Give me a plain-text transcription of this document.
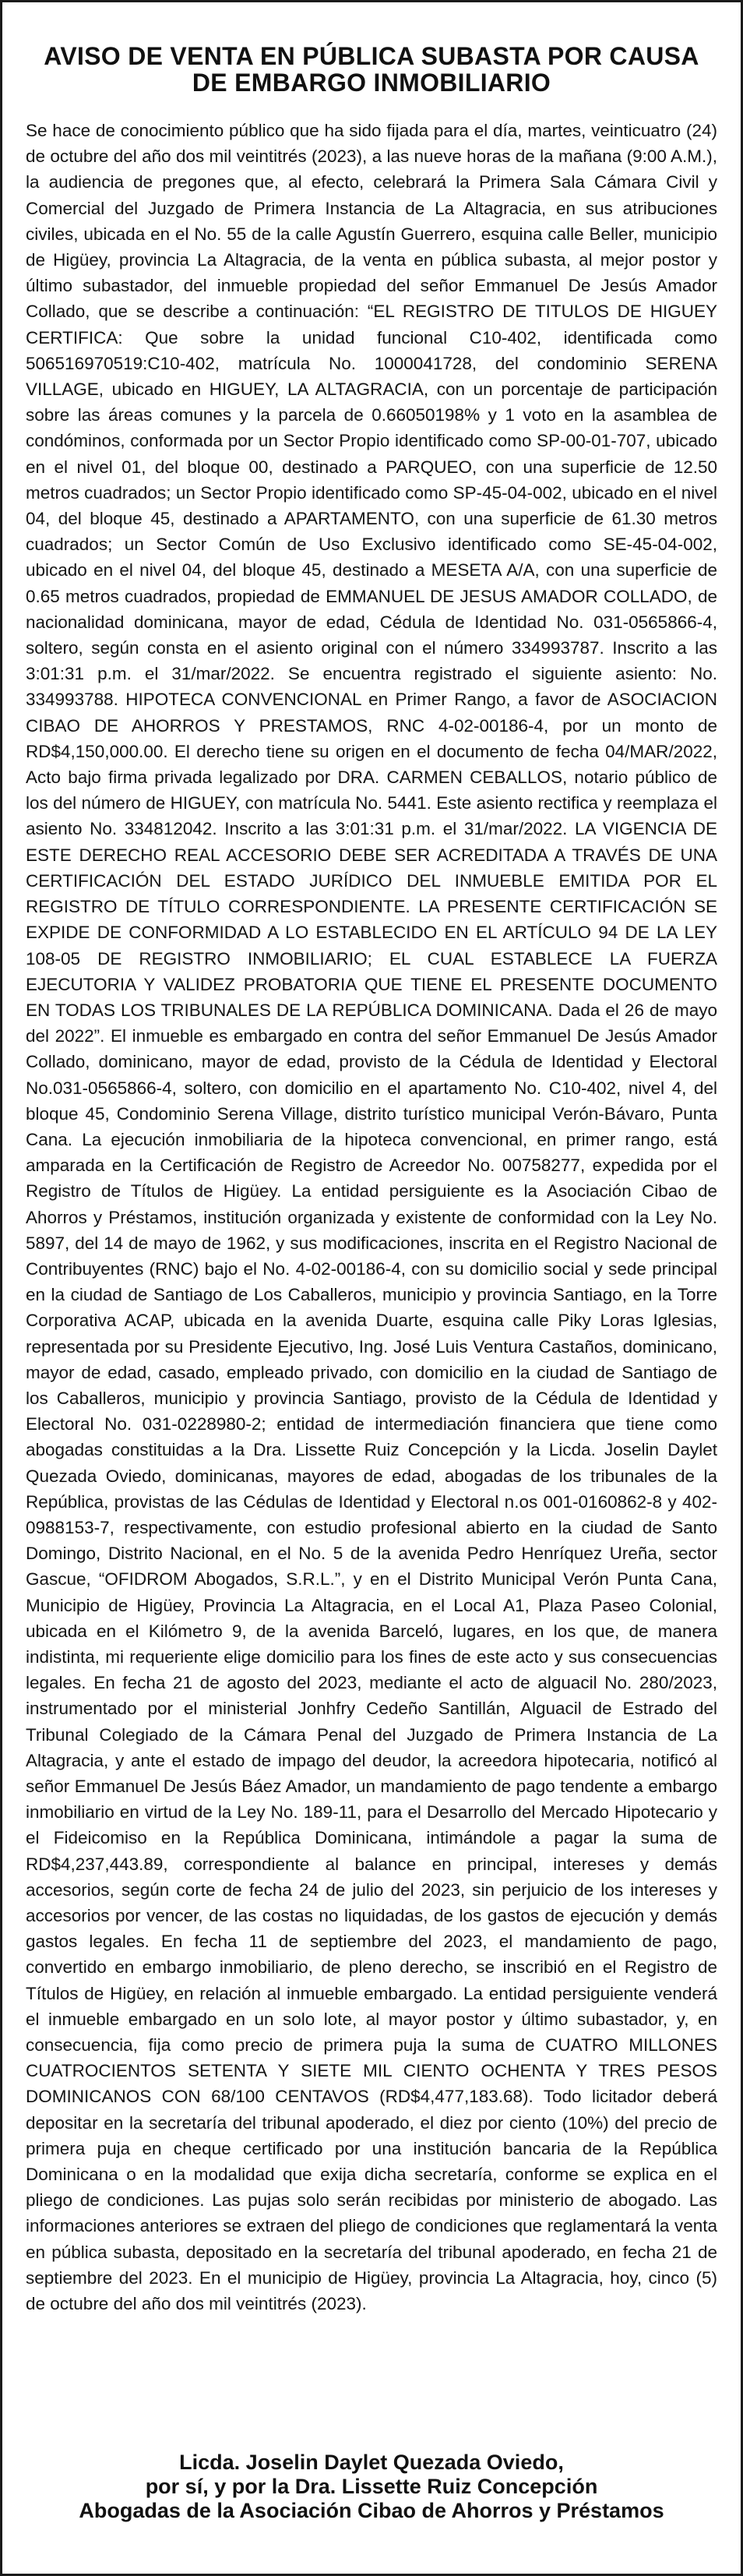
AVISO DE VENTA EN PÚBLICA SUBASTA POR CAUSA
DE EMBARGO INMOBILIARIO
Se hace de conocimiento público que ha sido fijada para el día, martes, veinticuatro (24) de octubre del año dos mil veintitrés (2023), a las nueve horas de la mañana (9:00 A.M.), la audiencia de pregones que, al efecto, celebrará la Primera Sala Cámara Civil y Comercial del Juzgado de Primera Instancia de La Altagracia, en sus atribuciones civiles, ubicada en el No. 55 de la calle Agustín Guerrero, esquina calle Beller, municipio de Higüey, provincia La Altagracia, de la venta en pública subasta, al mejor postor y último subastador, del inmueble propiedad del señor Emmanuel De Jesús Amador Collado, que se describe a continuación: “EL REGISTRO DE TITULOS DE HIGUEY CERTIFICA: Que sobre la unidad funcional C10-402, identificada como 506516970519:C10-402, matrícula No. 1000041728, del condominio SERENA VILLAGE, ubicado en HIGUEY, LA ALTAGRACIA, con un porcentaje de participación sobre las áreas comunes y la parcela de 0.66050198% y 1 voto en la asamblea de condóminos, conformada por un Sector Propio identificado como SP-00-01-707, ubicado en el nivel 01, del bloque 00, destinado a PARQUEO, con una superficie de 12.50 metros cuadrados; un Sector Propio identificado como SP-45-04-002, ubicado en el nivel 04, del bloque 45, destinado a APARTAMENTO, con una superficie de 61.30 metros cuadrados; un Sector Común de Uso Exclusivo identificado como SE-45-04-002, ubicado en el nivel 04, del bloque 45, destinado a MESETA A/A, con una superficie de 0.65 metros cuadrados, propiedad de EMMANUEL DE JESUS AMADOR COLLADO, de nacionalidad dominicana, mayor de edad, Cédula de Identidad No. 031-0565866-4, soltero, según consta en el asiento original con el número 334993787. Inscrito a las 3:01:31 p.m. el 31/mar/2022. Se encuentra registrado el siguiente asiento: No. 334993788. HIPOTECA CONVENCIONAL en Primer Rango, a favor de ASOCIACION CIBAO DE AHORROS Y PRESTAMOS, RNC 4-02-00186-4, por un monto de RD$4,150,000.00. El derecho tiene su origen en el documento de fecha 04/MAR/2022, Acto bajo firma privada legalizado por DRA. CARMEN CEBALLOS, notario público de los del número de HIGUEY, con matrícula No. 5441. Este asiento rectifica y reemplaza el asiento No. 334812042. Inscrito a las 3:01:31 p.m. el 31/mar/2022. LA VIGENCIA DE ESTE DERECHO REAL ACCESORIO DEBE SER ACREDITADA A TRAVÉS DE UNA CERTIFICACIÓN DEL ESTADO JURÍDICO DEL INMUEBLE EMITIDA POR EL REGISTRO DE TÍTULO CORRESPONDIENTE. LA PRESENTE CERTIFICACIÓN SE EXPIDE DE CONFORMIDAD A LO ESTABLECIDO EN EL ARTÍCULO 94 DE LA LEY 108-05 DE REGISTRO INMOBILIARIO; EL CUAL ESTABLECE LA FUERZA EJECUTORIA Y VALIDEZ PROBATORIA QUE TIENE EL PRESENTE DOCUMENTO EN TODAS LOS TRIBUNALES DE LA REPÚBLICA DOMINICANA. Dada el 26 de mayo del 2022”. El inmueble es embargado en contra del señor Emmanuel De Jesús Amador Collado, dominicano, mayor de edad, provisto de la Cédula de Identidad y Electoral No.031-0565866-4, soltero, con domicilio en el apartamento No. C10-402, nivel 4, del bloque 45, Condominio Serena Village, distrito turístico municipal Verón-Bávaro, Punta Cana. La ejecución inmobiliaria de la hipoteca convencional, en primer rango, está amparada en la Certificación de Registro de Acreedor No. 00758277, expedida por el Registro de Títulos de Higüey. La entidad persiguiente es la Asociación Cibao de Ahorros y Préstamos, institución organizada y existente de conformidad con la Ley No. 5897, del 14 de mayo de 1962, y sus modificaciones, inscrita en el Registro Nacional de Contribuyentes (RNC) bajo el No. 4-02-00186-4, con su domicilio social y sede principal en la ciudad de Santiago de Los Caballeros, municipio y provincia Santiago, en la Torre Corporativa ACAP, ubicada en la avenida Duarte, esquina calle Piky Loras Iglesias, representada por su Presidente Ejecutivo, Ing. José Luis Ventura Castaños, dominicano, mayor de edad, casado, empleado privado, con domicilio en la ciudad de Santiago de los Caballeros, municipio y provincia Santiago, provisto de la Cédula de Identidad y Electoral No. 031-0228980-2; entidad de intermediación financiera que tiene como abogadas constituidas a la Dra. Lissette Ruiz Concepción y la Licda. Joselin Daylet Quezada Oviedo, dominicanas, mayores de edad, abogadas de los tribunales de la República, provistas de las Cédulas de Identidad y Electoral n.os 001-0160862-8 y 402-0988153-7, respectivamente, con estudio profesional abierto en la ciudad de Santo Domingo, Distrito Nacional, en el No. 5 de la avenida Pedro Henríquez Ureña, sector Gascue, “OFIDROM Abogados, S.R.L.”, y en el Distrito Municipal Verón Punta Cana, Municipio de Higüey, Provincia La Altagracia, en el Local A1, Plaza Paseo Colonial, ubicada en el Kilómetro 9, de la avenida Barceló, lugares, en los que, de manera indistinta, mi requeriente elige domicilio para los fines de este acto y sus consecuencias legales. En fecha 21 de agosto del 2023, mediante el acto de alguacil No. 280/2023, instrumentado por el ministerial Jonhfry Cedeño Santillán, Alguacil de Estrado del Tribunal Colegiado de la Cámara Penal del Juzgado de Primera Instancia de La Altagracia, y ante el estado de impago del deudor, la acreedora hipotecaria, notificó al señor Emmanuel De Jesús Báez Amador, un mandamiento de pago tendente a embargo inmobiliario en virtud de la Ley No. 189-11, para el Desarrollo del Mercado Hipotecario y el Fideicomiso en la República Dominicana, intimándole a pagar la suma de RD$4,237,443.89, correspondiente al balance en principal, intereses y demás accesorios, según corte de fecha 24 de julio del 2023, sin perjuicio de los intereses y accesorios por vencer, de las costas no liquidadas, de los gastos de ejecución y demás gastos legales. En fecha 11 de septiembre del 2023, el mandamiento de pago, convertido en embargo inmobiliario, de pleno derecho, se inscribió en el Registro de Títulos de Higüey, en relación al inmueble embargado. La entidad persiguiente venderá el inmueble embargado en un solo lote, al mayor postor y último subastador, y, en consecuencia, fija como precio de primera puja la suma de CUATRO MILLONES CUATROCIENTOS SETENTA Y SIETE MIL CIENTO OCHENTA Y TRES PESOS DOMINICANOS CON 68/100 CENTAVOS (RD$4,477,183.68). Todo licitador deberá depositar en la secretaría del tribunal apoderado, el diez por ciento (10%) del precio de primera puja en cheque certificado por una institución bancaria de la República Dominicana o en la modalidad que exija dicha secretaría, conforme se explica en el pliego de condiciones. Las pujas solo serán recibidas por ministerio de abogado. Las informaciones anteriores se extraen del pliego de condiciones que reglamentará la venta en pública subasta, depositado en la secretaría del tribunal apoderado, en fecha 21 de septiembre del 2023. En el municipio de Higüey, provincia La Altagracia, hoy, cinco (5) de octubre del año dos mil veintitrés (2023).
Licda. Joselin Daylet Quezada Oviedo,
por sí, y por la Dra. Lissette Ruiz Concepción
Abogadas de la Asociación Cibao de Ahorros y Préstamos
